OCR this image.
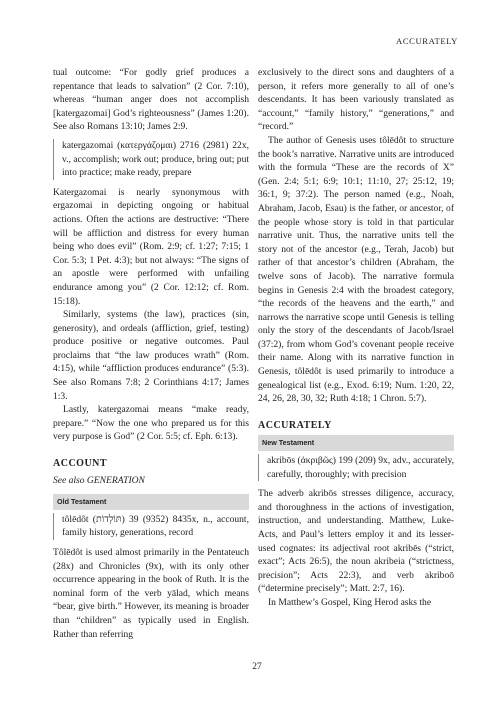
ACCURATELY

tual outcome: “For godly grief produces a repentance that leads to salvation” (2 Cor. 7:10), whereas “human anger does not accomplish [katergazomai] God’s righteousness” (James 1:20). See also Romans 13:10; James 2:9.

katergazomai (κατεργάζομαι) 2716 (2981) 22x, v., accomplish; work out; produce, bring out; put into practice; make ready, prepare

Katergazomai is nearly synonymous with ergazomai in depicting ongoing or habitual actions. Often the actions are destructive: “There will be affliction and distress for every human being who does evil” (Rom. 2:9; cf. 1:27; 7:15; 1 Cor. 5:3; 1 Pet. 4:3); but not always: “The signs of an apostle were performed with unfailing endurance among you” (2 Cor. 12:12; cf. Rom. 15:18).

Similarly, systems (the law), practices (sin, generosity), and ordeals (affliction, grief, testing) produce positive or negative outcomes. Paul proclaims that “the law produces wrath” (Rom. 4:15), while “affliction produces endurance” (5:3). See also Romans 7:8; 2 Corinthians 4:17; James 1:3.

Lastly, katergazomai means “make ready, prepare.” “Now the one who prepared us for this very purpose is God” (2 Cor. 5:5; cf. Eph. 6:13).

ACCOUNT
See also GENERATION
Old Testament

tôlēdôt (תּוֹלְדוֹת) 8435 (9352) 39x, n., account, family history, generations, record

Tôlēdôt is used almost primarily in the Pentateuch (28x) and Chronicles (9x), with its only other occurrence appearing in the book of Ruth. It is the nominal form of the verb yālad, which means “bear, give birth.” However, its meaning is broader than “children” as typically used in English. Rather than referring

exclusively to the direct sons and daughters of a person, it refers more generally to all of one’s descendants. It has been variously translated as “account,” “family history,” “generations,” and “record.”

The author of Genesis uses tôlēdôt to structure the book’s narrative. Narrative units are introduced with the formula “These are the records of X” (Gen. 2:4; 5:1; 6:9; 10:1; 11:10, 27; 25:12, 19; 36:1, 9; 37:2). The person named (e.g., Noah, Abraham, Jacob, Esau) is the father, or ancestor, of the people whose story is told in that particular narrative unit. Thus, the narrative units tell the story not of the ancestor (e.g., Terah, Jacob) but rather of that ancestor’s children (Abraham, the twelve sons of Jacob). The narrative formula begins in Genesis 2:4 with the broadest category, “the records of the heavens and the earth,” and narrows the narrative scope until Genesis is telling only the story of the descendants of Jacob/Israel (37:2), from whom God’s covenant people receive their name. Along with its narrative function in Genesis, tôlēdôt is used primarily to introduce a genealogical list (e.g., Exod. 6:19; Num. 1:20, 22, 24, 26, 28, 30, 32; Ruth 4:18; 1 Chron. 5:7).

ACCURATELY
New Testament

akribōs (ἀκριβῶς) 199 (209) 9x, adv., accurately, carefully, thoroughly; with precision

The adverb akribōs stresses diligence, accuracy, and thoroughness in the actions of investigation, instruction, and understanding. Matthew, Luke-Acts, and Paul’s letters employ it and its lesser-used cognates: its adjectival root akribēs (“strict, exact”; Acts 26:5), the noun akribeia (“strictness, precision”; Acts 22:3), and verb akriboō (“determine precisely”; Matt. 2:7, 16).

In Matthew’s Gospel, King Herod asks the

27
